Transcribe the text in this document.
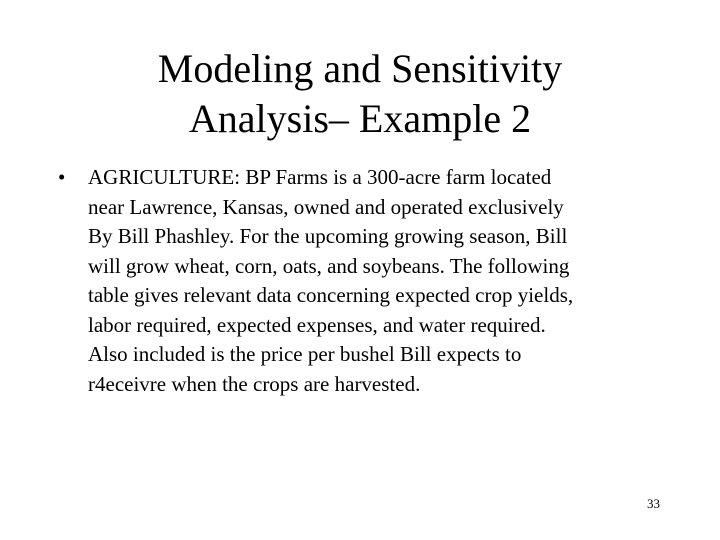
Modeling and Sensitivity
Analysis– Example 2
•	AGRICULTURE: BP Farms is a 300-acre farm located
near Lawrence, Kansas, owned and operated exclusively
By Bill Phashley. For the upcoming growing season, Bill
will grow wheat, corn, oats, and soybeans. The following
table gives relevant data concerning expected crop yields,
labor required, expected expenses, and water required.
Also included is the price per bushel Bill expects to
r4eceivre when the crops are harvested.
33
